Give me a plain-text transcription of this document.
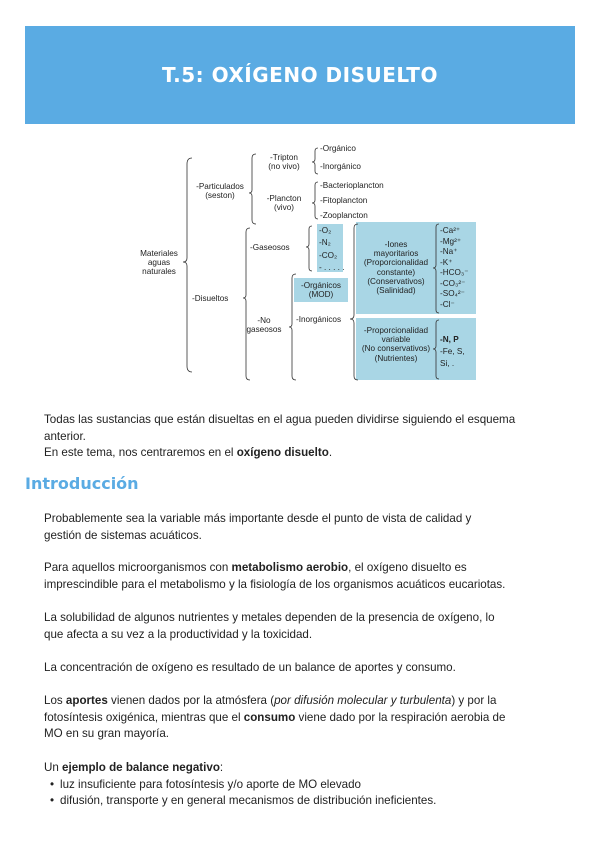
T.5: OXÍGENO DISUELTO
Materiales
aguas
naturales
-Particulados
(seston)
-Tripton
(no vivo)
-Orgánico
-Inorgánico
-Plancton
(vivo)
-Bacterioplancton
-Fitoplancton
-Zooplancton
-Disueltos
-Gaseosos
-O₂
-N₂
-CO₂
- . . . . .
-No
gaseosos
-Orgánicos
(MOD)
-Inorgánicos
-Iones
mayoritarios
(Proporcionalidad
constante)
(Conservativos)
(Salinidad)
-Ca²⁺
-Mg²⁺
-Na⁺
-K⁺
-HCO₃⁻
-CO₃²⁻
-SO₄²⁻
-Cl⁻
-Proporcionalidad
variable
(No conservativos)
(Nutrientes)
-N, P
-Fe, S,
Si, .
Todas las sustancias que están disueltas en el agua pueden dividirse siguiendo el esquema
anterior.
En este tema, nos centraremos en el oxígeno disuelto.
Introducción
Probablemente sea la variable más importante desde el punto de vista de calidad y
gestión de sistemas acuáticos.
Para aquellos microorganismos con metabolismo aerobio, el oxígeno disuelto es
imprescindible para el metabolismo y la fisiología de los organismos acuáticos eucariotas.
La solubilidad de algunos nutrientes y metales dependen de la presencia de oxígeno, lo
que afecta a su vez a la productividad y la toxicidad.
La concentración de oxígeno es resultado de un balance de aportes y consumo.
Los aportes vienen dados por la atmósfera (por difusión molecular y turbulenta) y por la
fotosíntesis oxigénica, mientras que el consumo viene dado por la respiración aerobia de
MO en su gran mayoría.
Un ejemplo de balance negativo:
• luz insuficiente para fotosíntesis y/o aporte de MO elevado
• difusión, transporte y en general mecanismos de distribución ineficientes.
